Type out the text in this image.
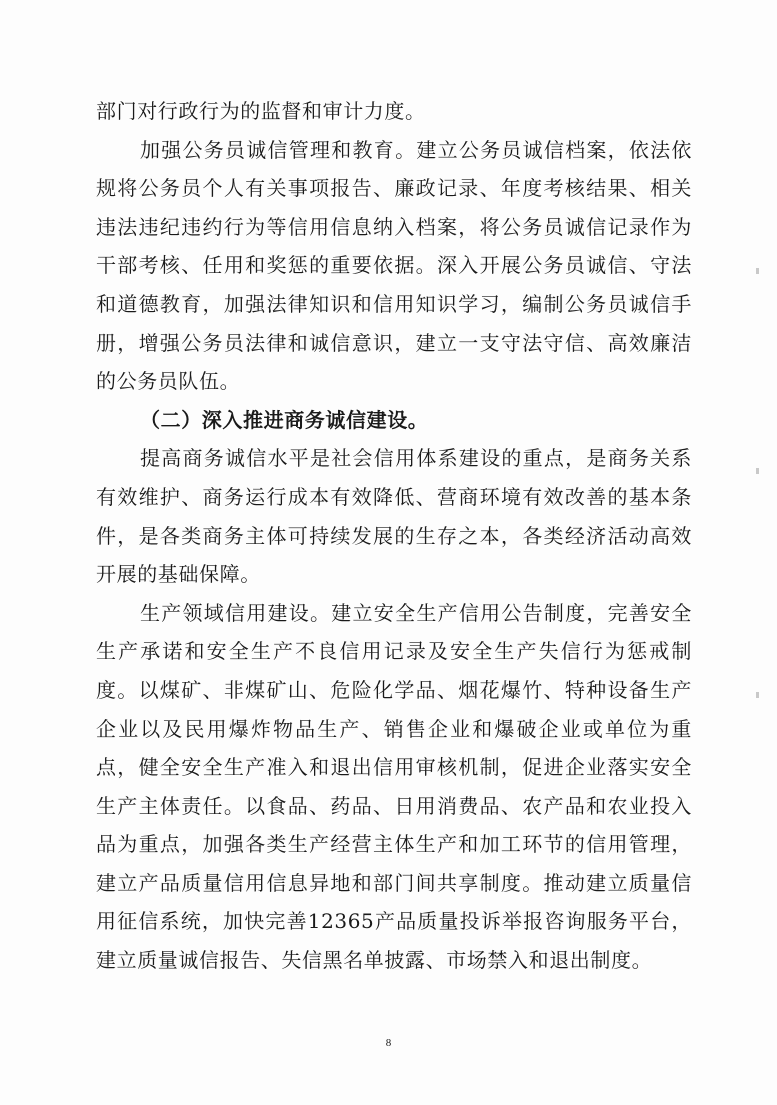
部门对行政行为的监督和审计力度。

加强公务员诚信管理和教育。建立公务员诚信档案，依法依规将公务员个人有关事项报告、廉政记录、年度考核结果、相关违法违纪违约行为等信用信息纳入档案，将公务员诚信记录作为干部考核、任用和奖惩的重要依据。深入开展公务员诚信、守法和道德教育，加强法律知识和信用知识学习，编制公务员诚信手册，增强公务员法律和诚信意识，建立一支守法守信、高效廉洁的公务员队伍。

（二）深入推进商务诚信建设。

提高商务诚信水平是社会信用体系建设的重点，是商务关系有效维护、商务运行成本有效降低、营商环境有效改善的基本条件，是各类商务主体可持续发展的生存之本，各类经济活动高效开展的基础保障。

生产领域信用建设。建立安全生产信用公告制度，完善安全生产承诺和安全生产不良信用记录及安全生产失信行为惩戒制度。以煤矿、非煤矿山、危险化学品、烟花爆竹、特种设备生产企业以及民用爆炸物品生产、销售企业和爆破企业或单位为重点，健全安全生产准入和退出信用审核机制，促进企业落实安全生产主体责任。以食品、药品、日用消费品、农产品和农业投入品为重点，加强各类生产经营主体生产和加工环节的信用管理，建立产品质量信用信息异地和部门间共享制度。推动建立质量信用征信系统，加快完善12365产品质量投诉举报咨询服务平台，建立质量诚信报告、失信黑名单披露、市场禁入和退出制度。

8
